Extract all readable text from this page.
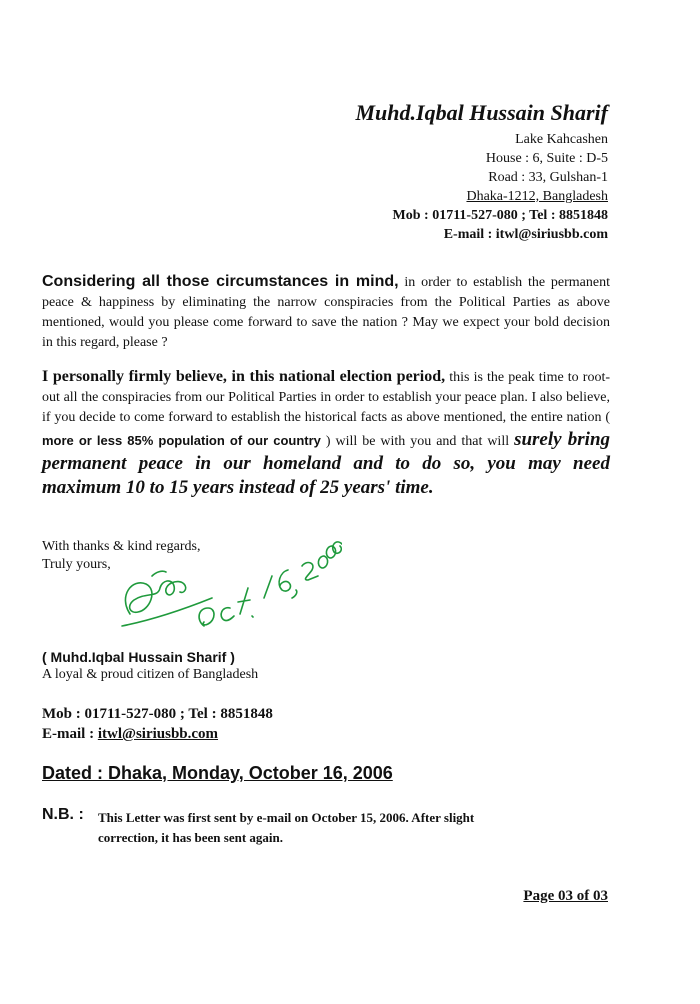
Muhd.Iqbal Hussain Sharif
Lake Kahcashen
House : 6, Suite : D-5
Road : 33, Gulshan-1
Dhaka-1212, Bangladesh
Mob : 01711-527-080 ; Tel : 8851848
E-mail : itwl@siriusbb.com
Considering all those circumstances in mind, in order to establish the permanent peace & happiness by eliminating the narrow conspiracies from the Political Parties as above mentioned, would you please come forward to save the nation ? May we expect your bold decision in this regard, please ?
I personally firmly believe, in this national election period, this is the peak time to root-out all the conspiracies from our Political Parties in order to establish your peace plan. I also believe, if you decide to come forward to establish the historical facts as above mentioned, the entire nation ( more or less 85% population of our country ) will be with you and that will surely bring permanent peace in our homeland and to do so, you may need maximum 10 to 15 years instead of 25 years' time.
With thanks & kind regards,
Truly yours,
( Muhd.Iqbal Hussain Sharif )
A loyal & proud citizen of Bangladesh
Mob : 01711-527-080 ; Tel : 8851848
E-mail : itwl@siriusbb.com
Dated : Dhaka, Monday, October 16, 2006
N.B. : This Letter was first sent by e-mail on October 15, 2006. After slight
correction, it has been sent again.
Page 03 of 03
